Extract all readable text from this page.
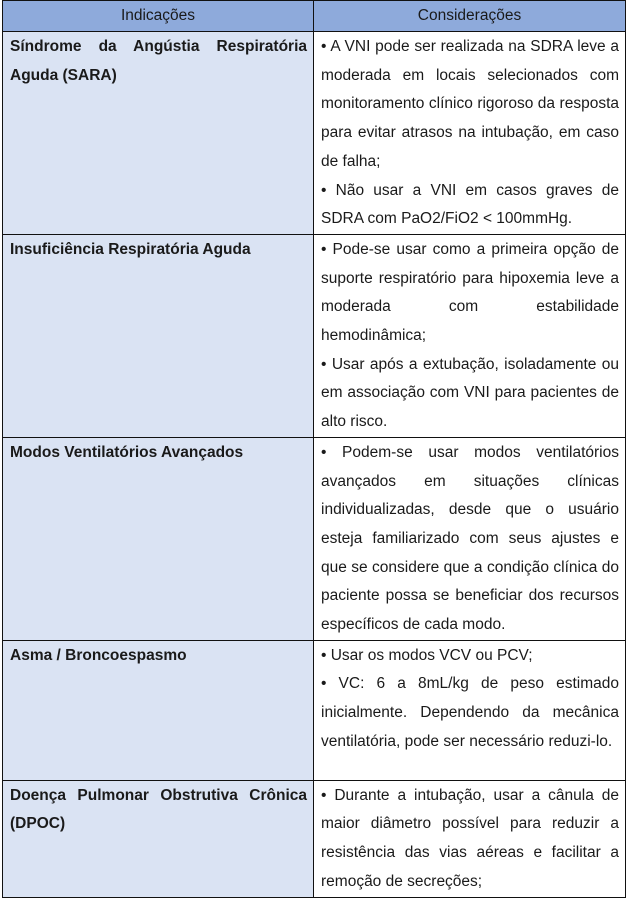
Indicações	Considerações
Síndrome da Angústia Respiratória Aguda (SARA)	• A VNI pode ser realizada na SDRA leve a moderada em locais selecionados com monitoramento clínico rigoroso da resposta para evitar atrasos na intubação, em caso de falha;

• Não usar a VNI em casos graves de SDRA com PaO2/FiO2 < 100mmHg.

Insuficiência Respiratória Aguda	• Pode-se usar como a primeira opção de suporte respiratório para hipoxemia leve a moderada com estabilidade hemodinâmica;

• Usar após a extubação, isoladamente ou em associação com VNI para pacientes de alto risco.

Modos Ventilatórios Avançados	• Podem-se usar modos ventilatórios avançados em situações clínicas individualizadas, desde que o usuário esteja familiarizado com seus ajustes e que se considere que a condição clínica do paciente possa se beneficiar dos recursos específicos de cada modo.

Asma / Broncoespasmo	• Usar os modos VCV ou PCV;

• VC: 6 a 8mL/kg de peso estimado inicialmente. Dependendo da mecânica ventilatória, pode ser necessário reduzi-lo.

Doença Pulmonar Obstrutiva Crônica (DPOC)	• Durante a intubação, usar a cânula de maior diâmetro possível para reduzir a resistência das vias aéreas e facilitar a remoção de secreções;
